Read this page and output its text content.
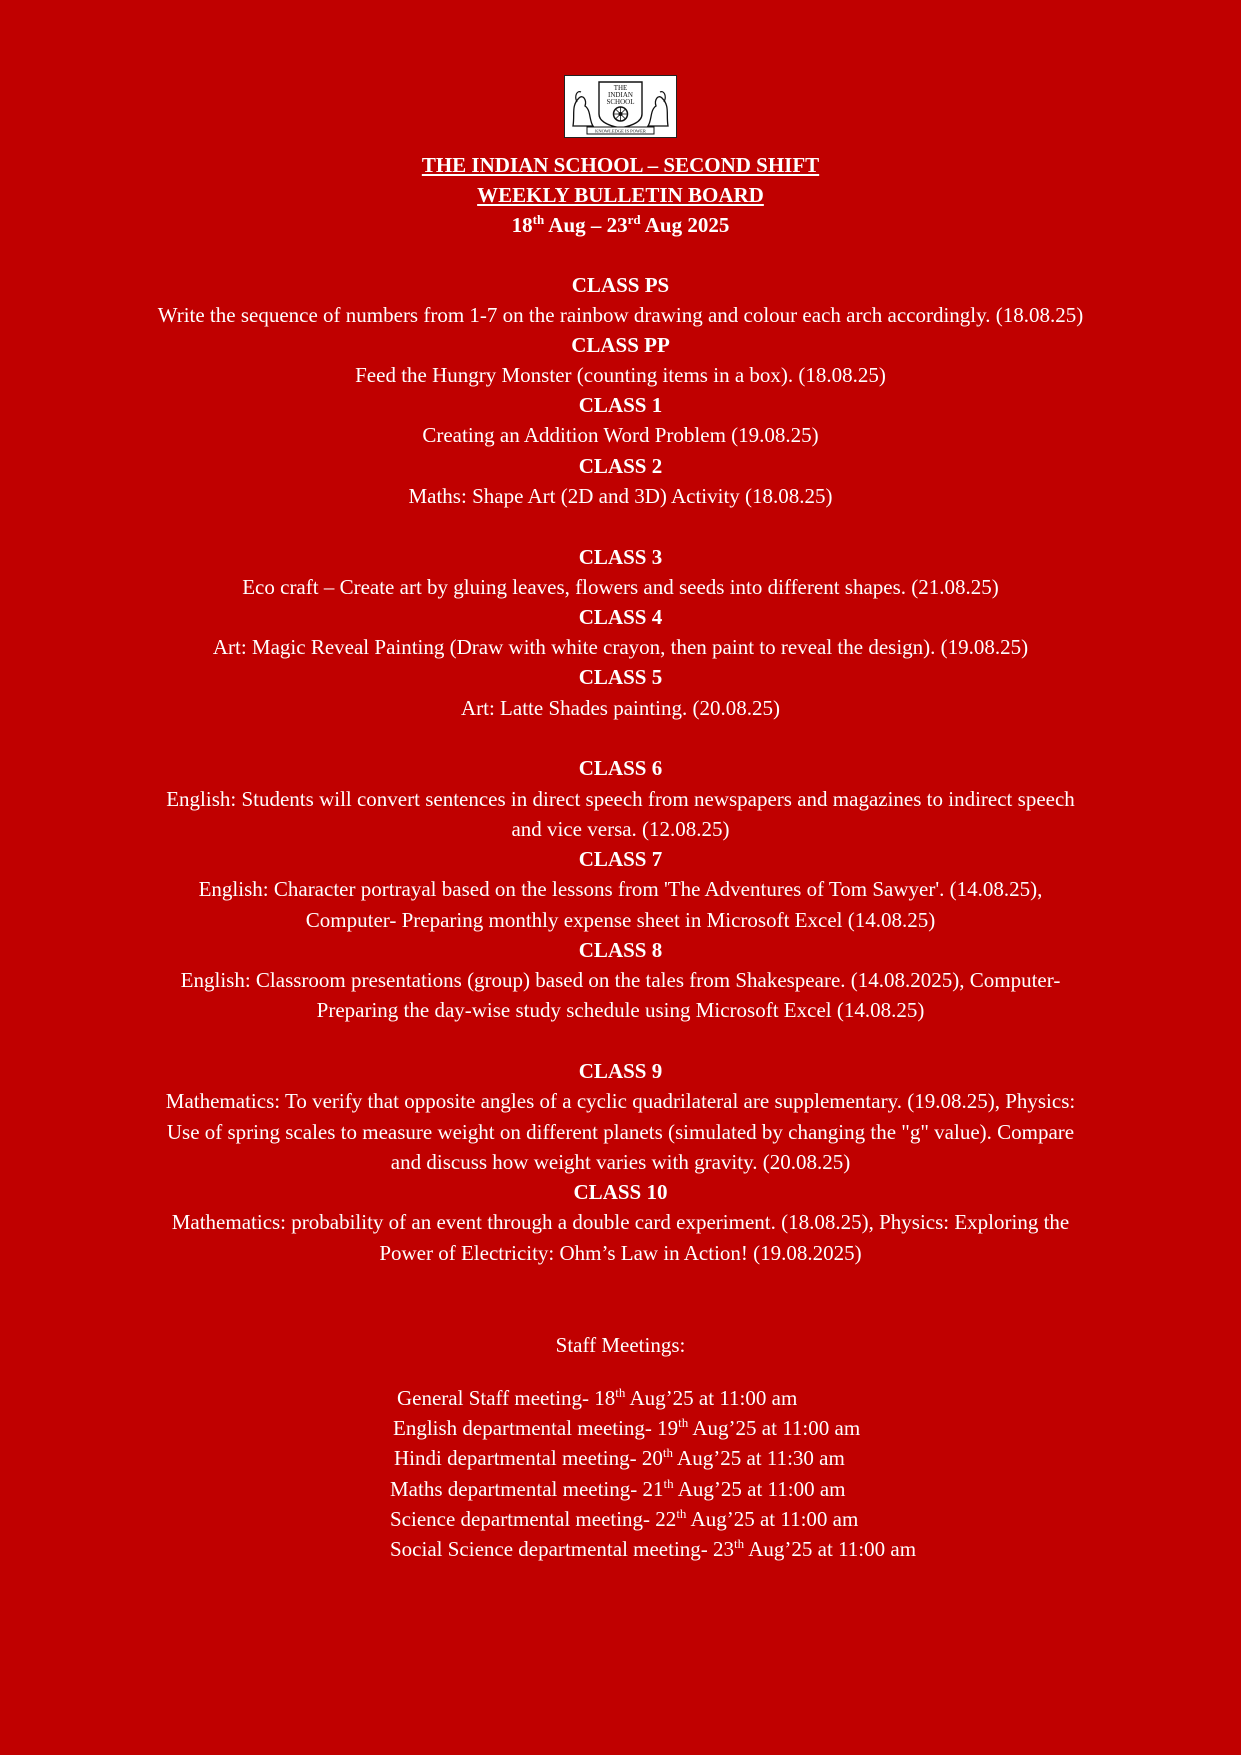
THE
INDIAN
SCHOOL
KNOWLEDGE IS POWER
THE INDIAN SCHOOL – SECOND SHIFT
WEEKLY BULLETIN BOARD
18th Aug – 23rd Aug 2025
CLASS PS
Write the sequence of numbers from 1-7 on the rainbow drawing and colour each arch accordingly. (18.08.25)
CLASS PP
Feed the Hungry Monster (counting items in a box). (18.08.25)
CLASS 1
Creating an Addition Word Problem (19.08.25)
CLASS 2
Maths: Shape Art (2D and 3D) Activity (18.08.25)
CLASS 3
Eco craft – Create art by gluing leaves, flowers and seeds into different shapes. (21.08.25)
CLASS 4
Art: Magic Reveal Painting (Draw with white crayon, then paint to reveal the design). (19.08.25)
CLASS 5
Art: Latte Shades painting. (20.08.25)
CLASS 6
English: Students will convert sentences in direct speech from newspapers and magazines to indirect speech
and vice versa. (12.08.25)
CLASS 7
English: Character portrayal based on the lessons from 'The Adventures of Tom Sawyer'. (14.08.25),
Computer- Preparing monthly expense sheet in Microsoft Excel (14.08.25)
CLASS 8
English: Classroom presentations (group) based on the tales from Shakespeare. (14.08.2025), Computer-
Preparing the day-wise study schedule using Microsoft Excel (14.08.25)
CLASS 9
Mathematics: To verify that opposite angles of a cyclic quadrilateral are supplementary. (19.08.25), Physics:
Use of spring scales to measure weight on different planets (simulated by changing the "g" value). Compare
and discuss how weight varies with gravity. (20.08.25)
CLASS 10
Mathematics: probability of an event through a double card experiment. (18.08.25), Physics: Exploring the
Power of Electricity: Ohm’s Law in Action! (19.08.2025)
Staff Meetings:
General Staff meeting- 18th Aug’25 at 11:00 am
English departmental meeting- 19th Aug’25 at 11:00 am
Hindi departmental meeting- 20th Aug’25 at 11:30 am
Maths departmental meeting- 21th Aug’25 at 11:00 am
Science departmental meeting- 22th Aug’25 at 11:00 am
Social Science departmental meeting- 23th Aug’25 at 11:00 am
